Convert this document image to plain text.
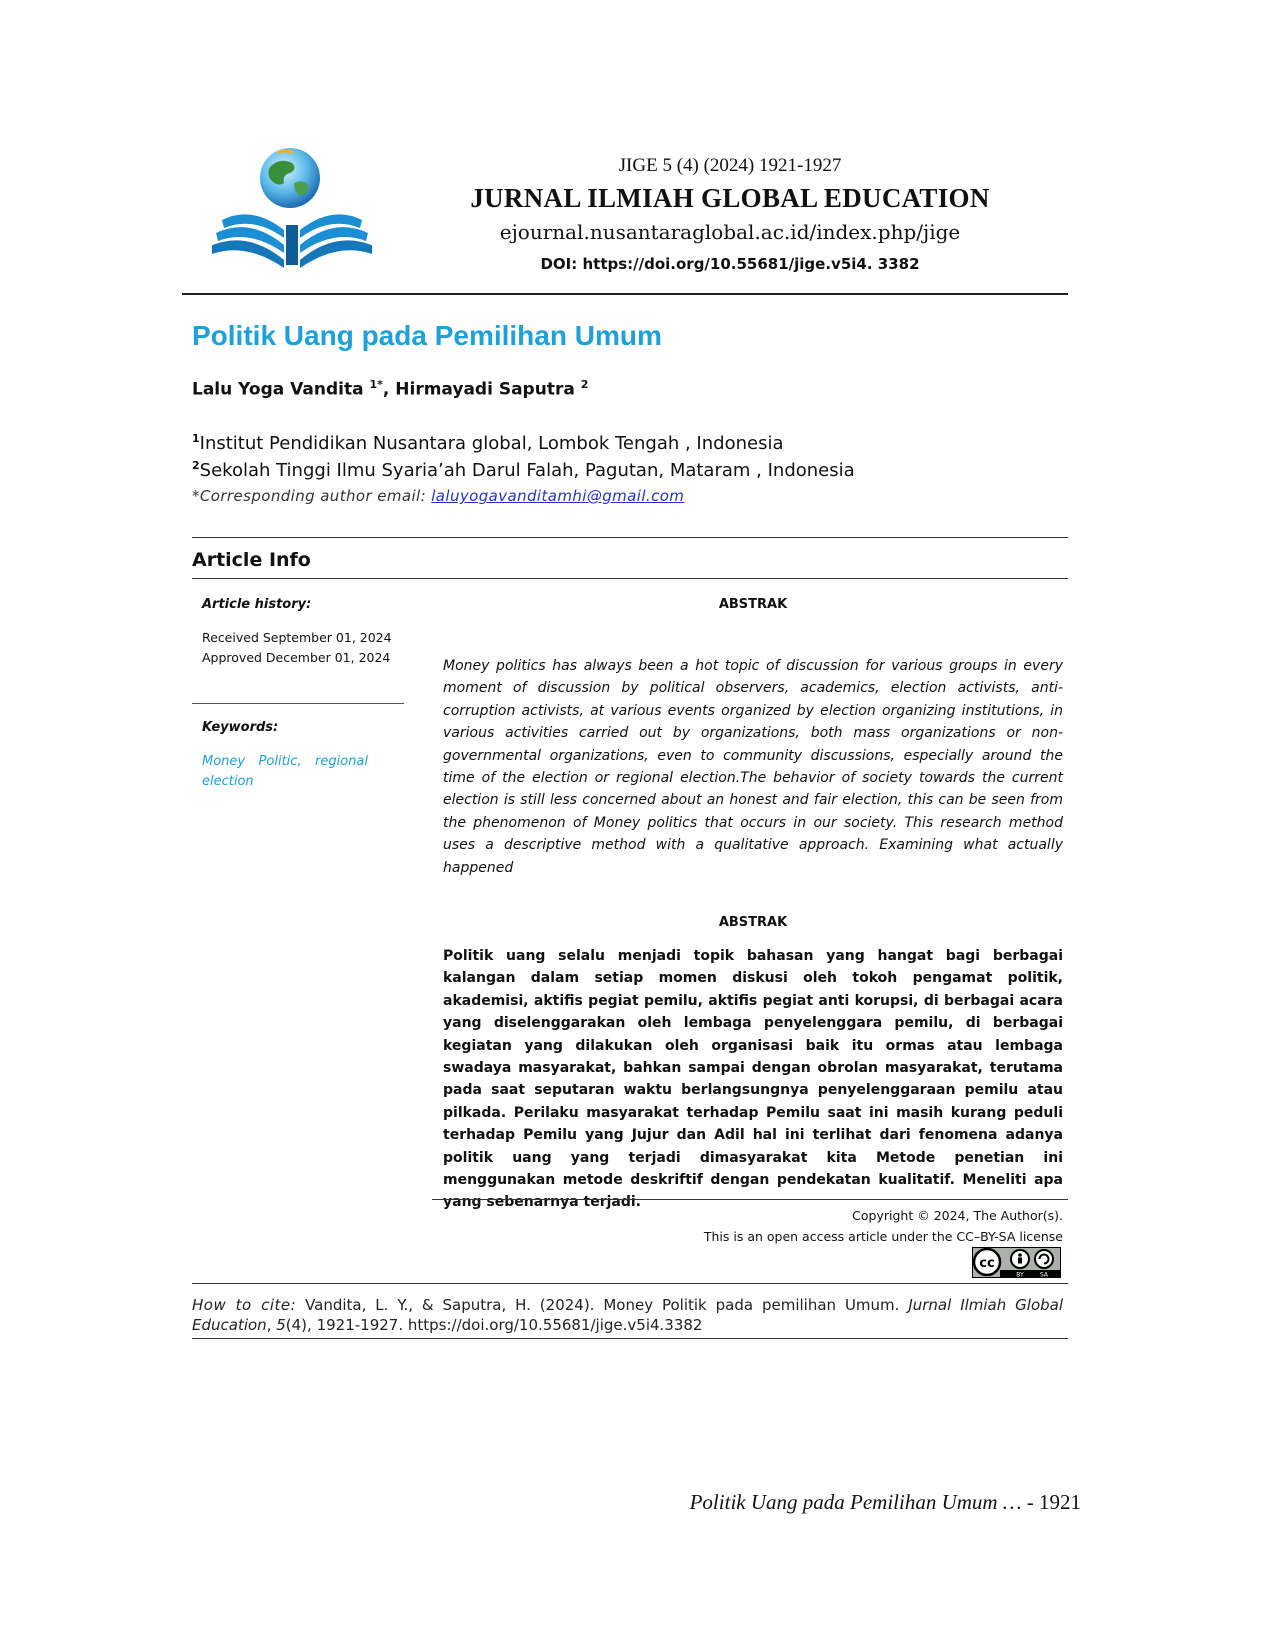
JIGE 5 (4) (2024) 1921-1927
JURNAL ILMIAH GLOBAL EDUCATION
ejournal.nusantaraglobal.ac.id/index.php/jige
DOI: https://doi.org/10.55681/jige.v5i4. 3382
Politik Uang pada Pemilihan Umum
Lalu Yoga Vandita $^{1*}$, Hirmayadi Saputra $^2$
$^1$Institut Pendidikan Nusantara global, Lombok Tengah , Indonesia
$^2$Sekolah Tinggi Ilmu Syaria’ah Darul Falah, Pagutan, Mataram , Indonesia
*Corresponding author email: laluyogavanditamhi@gmail.com
Article Info
Article history:
Received September 01, 2024
Approved December 01, 2024
Keywords:
Money Politic, regional election
ABSTRAK
Money politics has always been a hot topic of discussion for various groups in every moment of discussion by political observers, academics, election activists, anti-corruption activists, at various events organized by election organizing institutions, in various activities carried out by organizations, both mass organizations or non-governmental organizations, even to community discussions, especially around the time of the election or regional election.The behavior of society towards the current election is still less concerned about an honest and fair election, this can be seen from the phenomenon of Money politics that occurs in our society. This research method uses a descriptive method with a qualitative approach. Examining what actually happened
ABSTRAK
Politik uang selalu menjadi topik bahasan yang hangat bagi berbagai kalangan dalam setiap momen diskusi oleh tokoh pengamat politik, akademisi, aktifis pegiat pemilu, aktifis pegiat anti korupsi, di berbagai acara yang diselenggarakan oleh lembaga penyelenggara pemilu, di berbagai kegiatan yang dilakukan oleh organisasi baik itu ormas atau lembaga swadaya masyarakat, bahkan sampai dengan obrolan masyarakat, terutama pada saat seputaran waktu berlangsungnya penyelenggaraan pemilu atau pilkada. Perilaku masyarakat terhadap Pemilu saat ini masih kurang peduli terhadap Pemilu yang Jujur dan Adil hal ini terlihat dari fenomena adanya politik uang yang terjadi dimasyarakat kita Metode penetian ini menggunakan metode deskriftif dengan pendekatan kualitatif. Meneliti apa yang sebenarnya terjadi.
Copyright © 2024, The Author(s).
This is an open access article under the CC–BY-SA license
cc
BY	SA
How to cite: Vandita, L. Y., & Saputra, H. (2024). Money Politik pada pemilihan Umum. Jurnal Ilmiah Global Education, 5(4), 1921-1927. https://doi.org/10.55681/jige.v5i4.3382
Politik Uang pada Pemilihan Umum … - 1921
